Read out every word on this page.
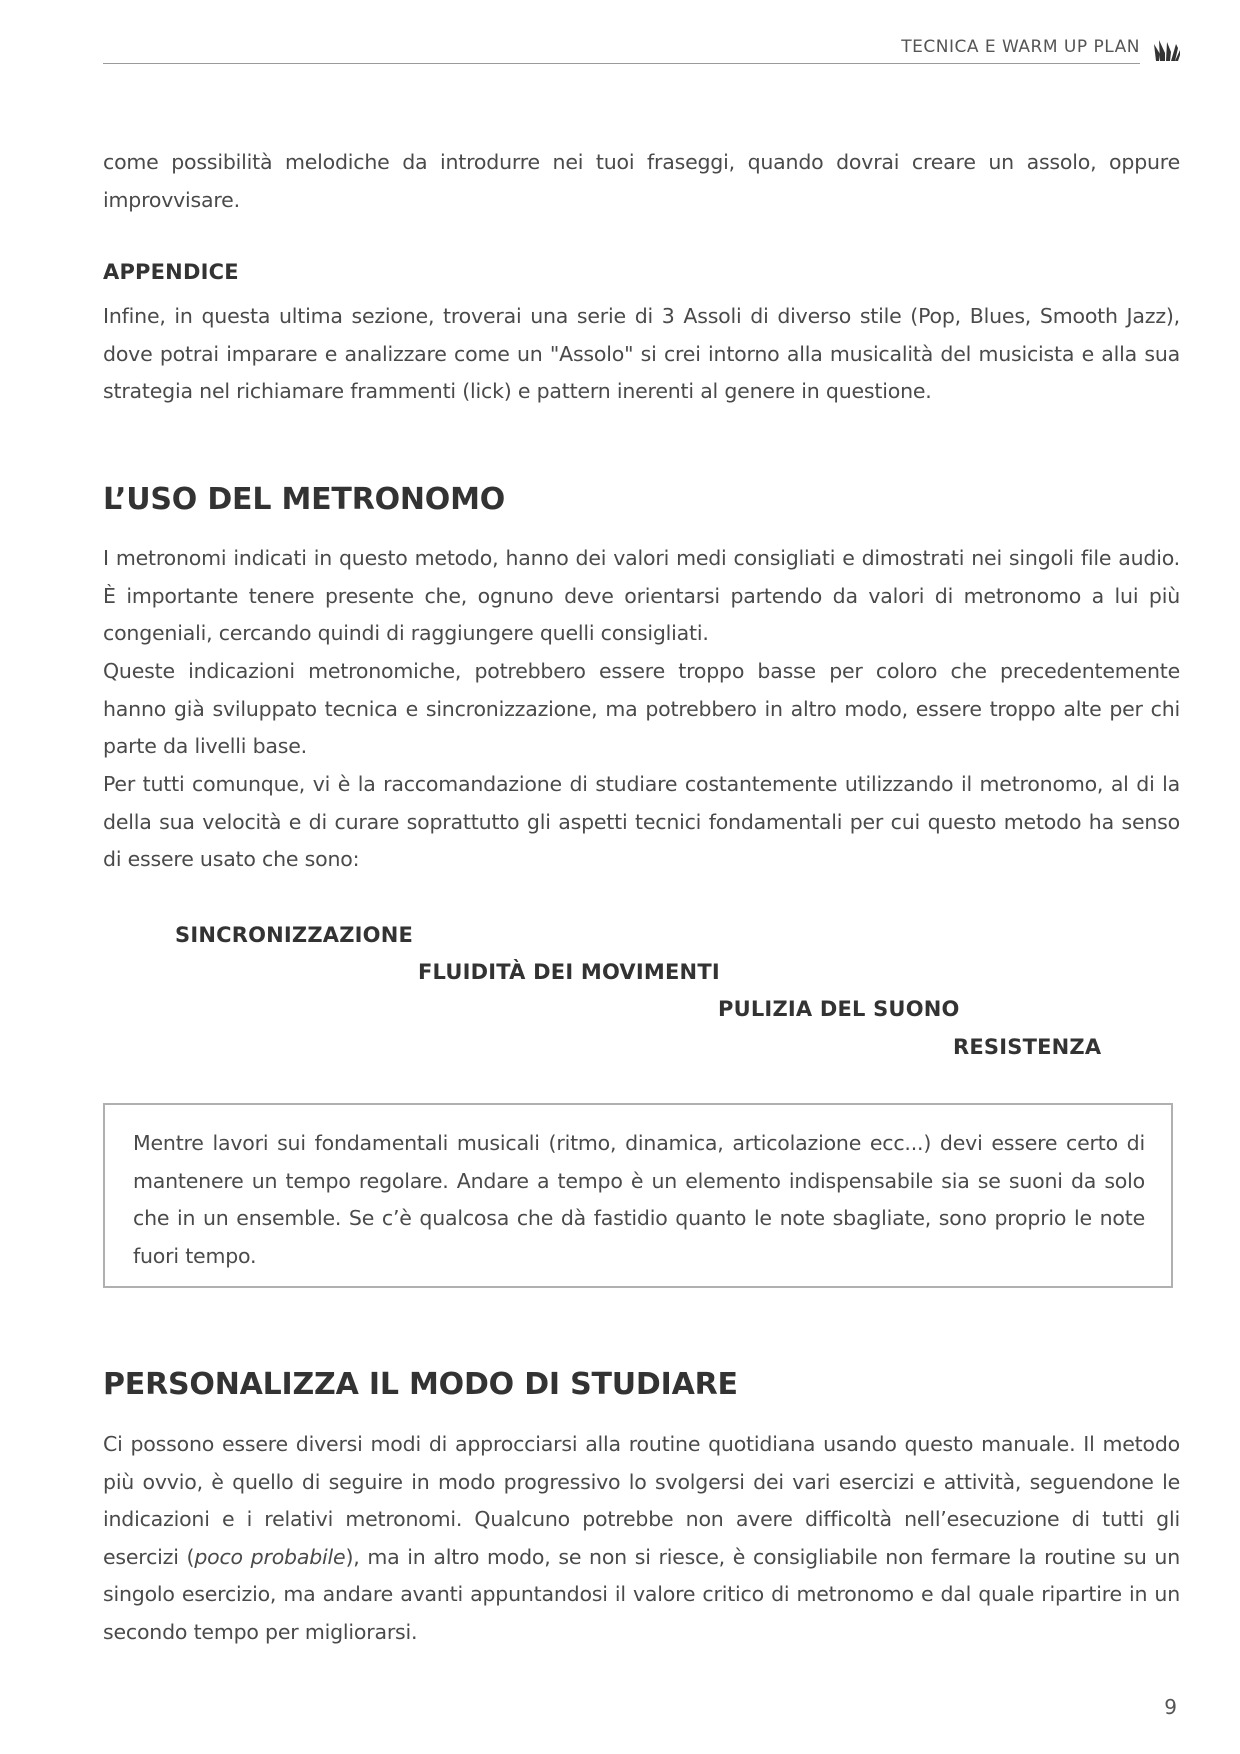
TECNICA E WARM UP PLAN

come possibilità melodiche da introdurre nei tuoi fraseggi, quando dovrai creare un assolo, oppure improvvisare.

APPENDICE

Infine, in questa ultima sezione, troverai una serie di 3 Assoli di diverso stile (Pop, Blues, Smooth Jazz), dove potrai imparare e analizzare come un "Assolo" si crei intorno alla musicalità del musicista e alla sua strategia nel richiamare frammenti (lick) e pattern inerenti al genere in questione.

L’USO DEL METRONOMO

I metronomi indicati in questo metodo, hanno dei valori medi consigliati e dimostrati nei singoli file audio. È importante tenere presente che, ognuno deve orientarsi partendo da valori di metronomo a lui più congeniali, cercando quindi di raggiungere quelli consigliati.

Queste indicazioni metronomiche, potrebbero essere troppo basse per coloro che precedentemente hanno già sviluppato tecnica e sincronizzazione, ma potrebbero in altro modo, essere troppo alte per chi parte da livelli base.

Per tutti comunque, vi è la raccomandazione di studiare costantemente utilizzando il metronomo, al di la della sua velocità e di curare soprattutto gli aspetti tecnici fondamentali per cui questo metodo ha senso di essere usato che sono:

SINCRONIZZAZIONE
FLUIDITÀ DEI MOVIMENTI
PULIZIA DEL SUONO
RESISTENZA

Mentre lavori sui fondamentali musicali (ritmo, dinamica, articolazione ecc...) devi essere certo di mantenere un tempo regolare. Andare a tempo è un elemento indispensabile sia se suoni da solo che in un ensemble. Se c’è qualcosa che dà fastidio quanto le note sbagliate, sono proprio le note fuori tempo.

PERSONALIZZA IL MODO DI STUDIARE

Ci possono essere diversi modi di approcciarsi alla routine quotidiana usando questo manuale. Il metodo più ovvio, è quello di seguire in modo progressivo lo svolgersi dei vari esercizi e attività, seguendone le indicazioni e i relativi metronomi. Qualcuno potrebbe non avere difficoltà nell’esecuzione di tutti gli esercizi (poco probabile), ma in altro modo, se non si riesce, è consigliabile non fermare la routine su un singolo esercizio, ma andare avanti appuntandosi il valore critico di metronomo e dal quale ripartire in un secondo tempo per migliorarsi.

9
